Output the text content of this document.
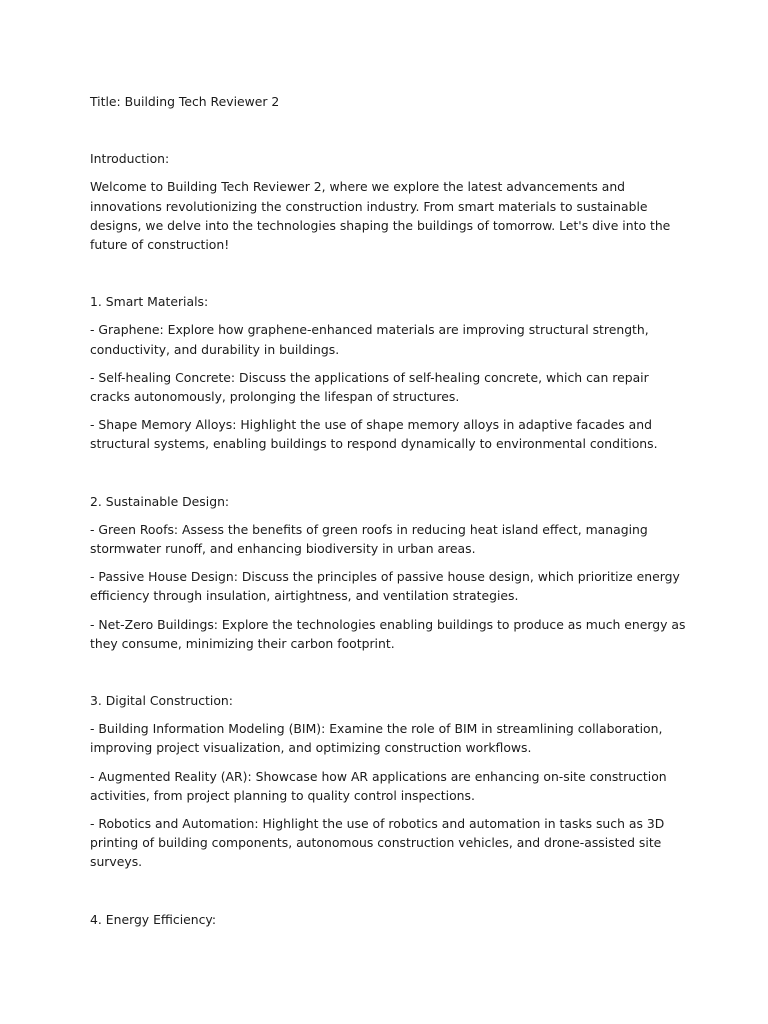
Title: Building Tech Reviewer 2

Introduction:

Welcome to Building Tech Reviewer 2, where we explore the latest advancements and innovations revolutionizing the construction industry. From smart materials to sustainable designs, we delve into the technologies shaping the buildings of tomorrow. Let's dive into the future of construction!

1. Smart Materials:

- Graphene: Explore how graphene-enhanced materials are improving structural strength, conductivity, and durability in buildings.

- Self-healing Concrete: Discuss the applications of self-healing concrete, which can repair cracks autonomously, prolonging the lifespan of structures.

- Shape Memory Alloys: Highlight the use of shape memory alloys in adaptive facades and structural systems, enabling buildings to respond dynamically to environmental conditions.

2. Sustainable Design:

- Green Roofs: Assess the benefits of green roofs in reducing heat island effect, managing stormwater runoff, and enhancing biodiversity in urban areas.

- Passive House Design: Discuss the principles of passive house design, which prioritize energy efficiency through insulation, airtightness, and ventilation strategies.

- Net-Zero Buildings: Explore the technologies enabling buildings to produce as much energy as they consume, minimizing their carbon footprint.

3. Digital Construction:

- Building Information Modeling (BIM): Examine the role of BIM in streamlining collaboration, improving project visualization, and optimizing construction workflows.

- Augmented Reality (AR): Showcase how AR applications are enhancing on-site construction activities, from project planning to quality control inspections.

- Robotics and Automation: Highlight the use of robotics and automation in tasks such as 3D printing of building components, autonomous construction vehicles, and drone-assisted site surveys.

4. Energy Efficiency:
